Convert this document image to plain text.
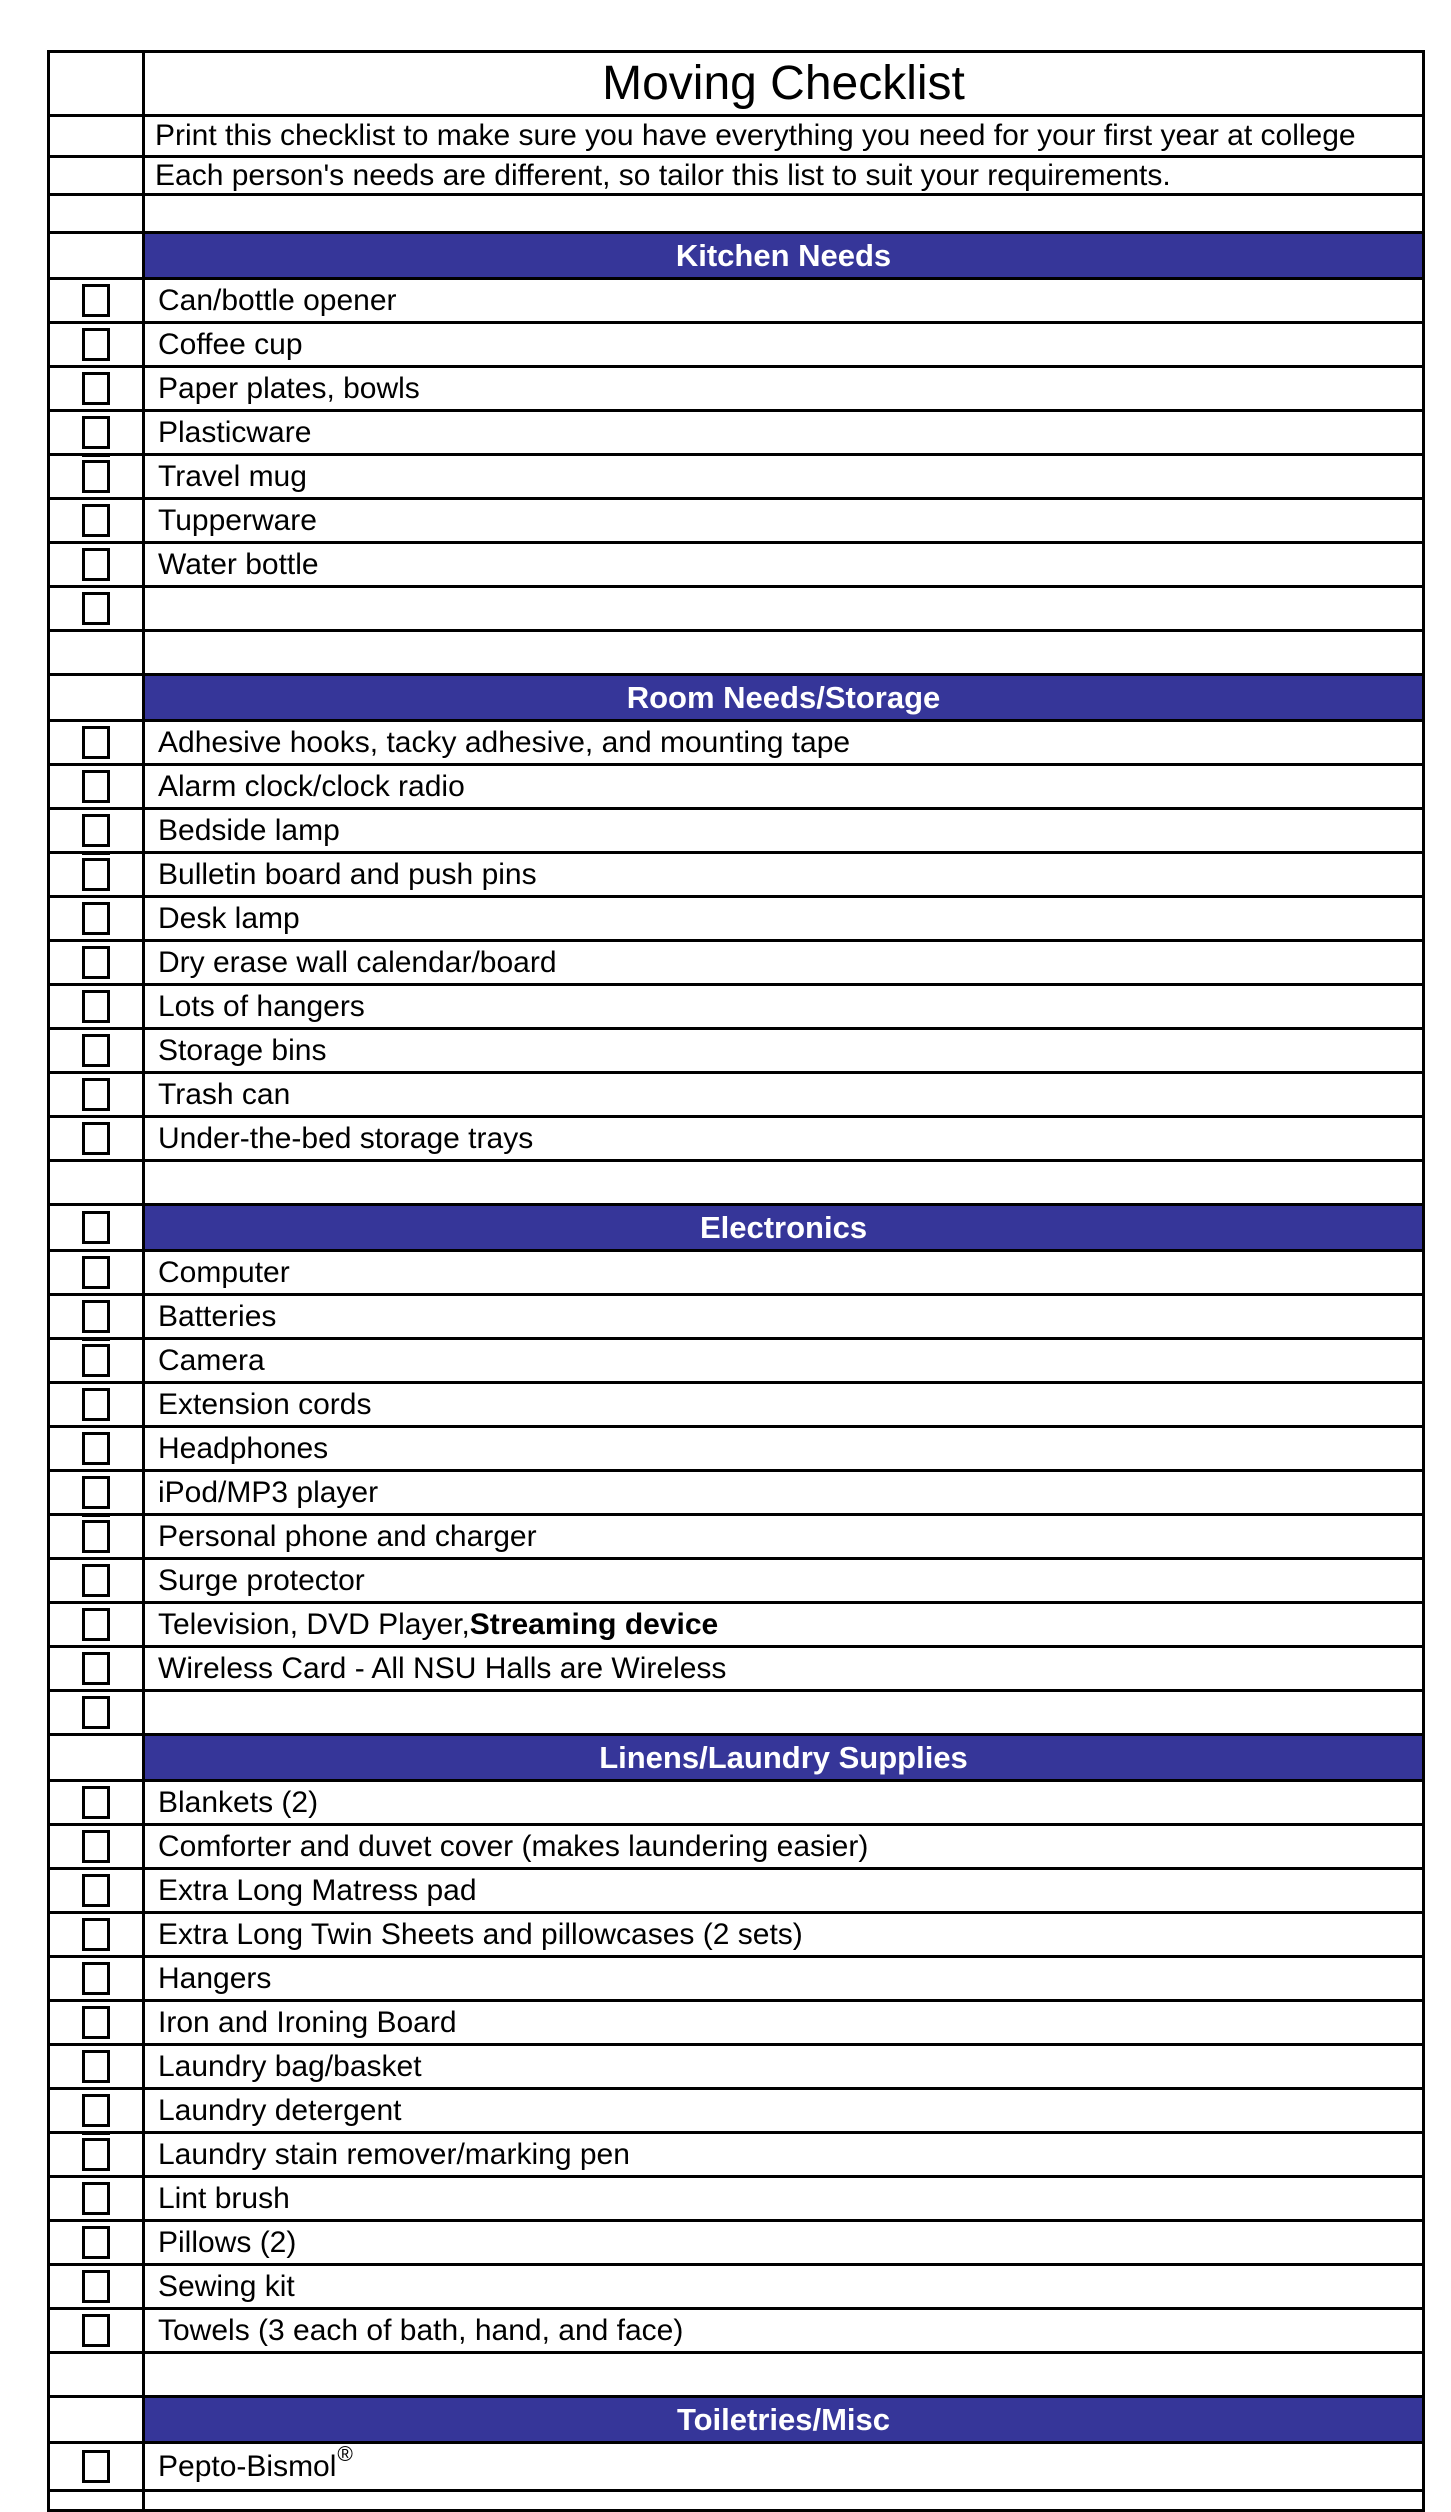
Moving Checklist
Print this checklist to make sure you have everything you need for your first year at college
Each person's needs are different, so tailor this list to suit your requirements.
Kitchen Needs
Can/bottle opener
Coffee cup
Paper plates, bowls
Plasticware
Travel mug
Tupperware
Water bottle
Room Needs/Storage
Adhesive hooks, tacky adhesive, and mounting tape
Alarm clock/clock radio
Bedside lamp
Bulletin board and push pins
Desk lamp
Dry erase wall calendar/board
Lots of hangers
Storage bins
Trash can
Under-the-bed storage trays
Electronics
Computer
Batteries
Camera
Extension cords
Headphones
iPod/MP3 player
Personal phone and charger
Surge protector
Television, DVD Player, Streaming device
Wireless Card - All NSU Halls are Wireless
Linens/Laundry Supplies
Blankets (2)
Comforter and duvet cover (makes laundering easier)
Extra Long Matress pad
Extra Long Twin Sheets and pillowcases (2 sets)
Hangers
Iron and Ironing Board
Laundry bag/basket
Laundry detergent
Laundry stain remover/marking pen
Lint brush
Pillows (2)
Sewing kit
Towels (3 each of bath, hand, and face)
Toiletries/Misc
Pepto-Bismol ®
